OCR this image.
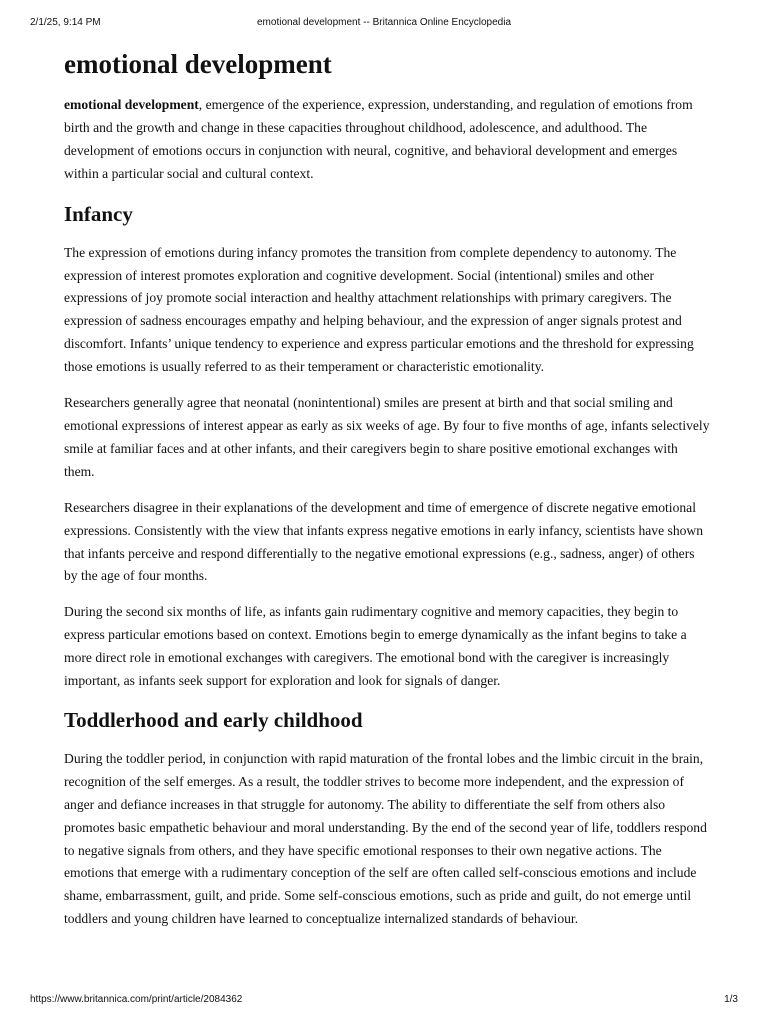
2/1/25, 9:14 PM	emotional development -- Britannica Online Encyclopedia
emotional development

emotional development, emergence of the experience, expression, understanding, and regulation of emotions from birth and the growth and change in these capacities throughout childhood, adolescence, and adulthood. The development of emotions occurs in conjunction with neural, cognitive, and behavioral development and emerges within a particular social and cultural context.

Infancy

The expression of emotions during infancy promotes the transition from complete dependency to autonomy. The expression of interest promotes exploration and cognitive development. Social (intentional) smiles and other expressions of joy promote social interaction and healthy attachment relationships with primary caregivers. The expression of sadness encourages empathy and helping behaviour, and the expression of anger signals protest and discomfort. Infants’ unique tendency to experience and express particular emotions and the threshold for expressing those emotions is usually referred to as their temperament or characteristic emotionality.

Researchers generally agree that neonatal (nonintentional) smiles are present at birth and that social smiling and emotional expressions of interest appear as early as six weeks of age. By four to five months of age, infants selectively smile at familiar faces and at other infants, and their caregivers begin to share positive emotional exchanges with them.

Researchers disagree in their explanations of the development and time of emergence of discrete negative emotional expressions. Consistently with the view that infants express negative emotions in early infancy, scientists have shown that infants perceive and respond differentially to the negative emotional expressions (e.g., sadness, anger) of others by the age of four months.

During the second six months of life, as infants gain rudimentary cognitive and memory capacities, they begin to express particular emotions based on context. Emotions begin to emerge dynamically as the infant begins to take a more direct role in emotional exchanges with caregivers. The emotional bond with the caregiver is increasingly important, as infants seek support for exploration and look for signals of danger.

Toddlerhood and early childhood

During the toddler period, in conjunction with rapid maturation of the frontal lobes and the limbic circuit in the brain, recognition of the self emerges. As a result, the toddler strives to become more independent, and the expression of anger and defiance increases in that struggle for autonomy. The ability to differentiate the self from others also promotes basic empathetic behaviour and moral understanding. By the end of the second year of life, toddlers respond to negative signals from others, and they have specific emotional responses to their own negative actions. The emotions that emerge with a rudimentary conception of the self are often called self-conscious emotions and include shame, embarrassment, guilt, and pride. Some self-conscious emotions, such as pride and guilt, do not emerge until toddlers and young children have learned to conceptualize internalized standards of behaviour.

https://www.britannica.com/print/article/2084362	1/3
